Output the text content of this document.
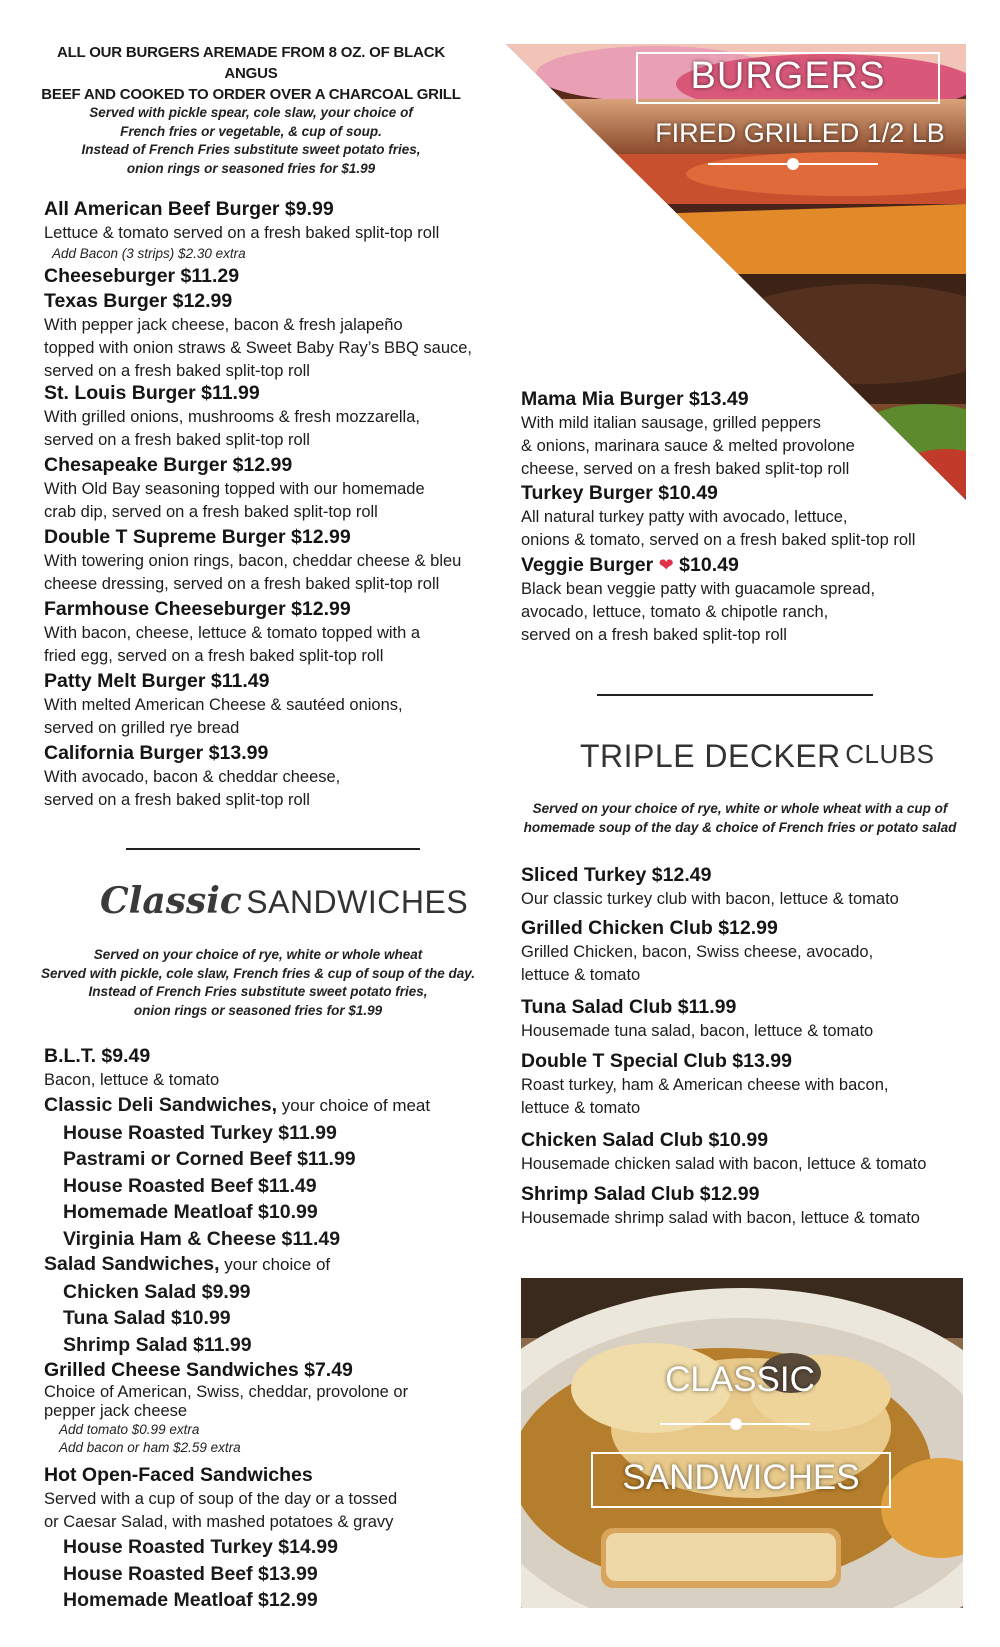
ALL OUR BURGERS AREMADE FROM 8 OZ. OF BLACK ANGUS
BEEF AND COOKED TO ORDER OVER A CHARCOAL GRILL
Served with pickle spear, cole slaw, your choice of
French fries or vegetable, & cup of soup.
Instead of French Fries substitute sweet potato fries,
onion rings or seasoned fries for $1.99
All American Beef Burger $9.99
Lettuce & tomato served on a fresh baked split-top roll
Add Bacon (3 strips) $2.30 extra
Cheeseburger $11.29
Texas Burger $12.99
With pepper jack cheese, bacon & fresh jalapeño
topped with onion straws & Sweet Baby Ray’s BBQ sauce,
served on a fresh baked split-top roll
St. Louis Burger $11.99
With grilled onions, mushrooms & fresh mozzarella,
served on a fresh baked split-top roll
Chesapeake Burger $12.99
With Old Bay seasoning topped with our homemade
crab dip, served on a fresh baked split-top roll
Double T Supreme Burger $12.99
With towering onion rings, bacon, cheddar cheese & bleu
cheese dressing, served on a fresh baked split-top roll
Farmhouse Cheeseburger $12.99
With bacon, cheese, lettuce & tomato topped with a
fried egg, served on a fresh baked split-top roll
Patty Melt Burger $11.49
With melted American Cheese & sautéed onions,
served on grilled rye bread
California Burger $13.99
With avocado, bacon & cheddar cheese,
served on a fresh baked split-top roll
Classic SANDWICHES
Served on your choice of rye, white or whole wheat
Served with pickle, cole slaw, French fries & cup of soup of the day.
Instead of French Fries substitute sweet potato fries,
onion rings or seasoned fries for $1.99
B.L.T. $9.49
Bacon, lettuce & tomato
Classic Deli Sandwiches, your choice of meat
House Roasted Turkey $11.99
Pastrami or Corned Beef $11.99
House Roasted Beef $11.49
Homemade Meatloaf $10.99
Virginia Ham & Cheese $11.49
Salad Sandwiches, your choice of
Chicken Salad $9.99
Tuna Salad $10.99
Shrimp Salad $11.99
Grilled Cheese Sandwiches $7.49
Choice of American, Swiss, cheddar, provolone or
pepper jack cheese
Add tomato $0.99 extra
Add bacon or ham $2.59 extra
Hot Open-Faced Sandwiches
Served with a cup of soup of the day or a tossed
or Caesar Salad, with mashed potatoes & gravy
House Roasted Turkey $14.99
House Roasted Beef $13.99
Homemade Meatloaf $12.99
BURGERS
FIRED GRILLED 1/2 LB
Mama Mia Burger $13.49
With mild italian sausage, grilled peppers
& onions, marinara sauce & melted provolone
cheese, served on a fresh baked split-top roll
Turkey Burger $10.49
All natural turkey patty with avocado, lettuce,
onions & tomato, served on a fresh baked split-top roll
Veggie Burger ❤ $10.49
Black bean veggie patty with guacamole spread,
avocado, lettuce, tomato & chipotle ranch,
served on a fresh baked split-top roll
TRIPLE DECKER CLUBS
Served on your choice of rye, white or whole wheat with a cup of
homemade soup of the day & choice of French fries or potato salad
Sliced Turkey $12.49
Our classic turkey club with bacon, lettuce & tomato
Grilled Chicken Club $12.99
Grilled Chicken, bacon, Swiss cheese, avocado,
lettuce & tomato
Tuna Salad Club $11.99
Housemade tuna salad, bacon, lettuce & tomato
Double T Special Club $13.99
Roast turkey, ham & American cheese with bacon,
lettuce & tomato
Chicken Salad Club $10.99
Housemade chicken salad with bacon, lettuce & tomato
Shrimp Salad Club $12.99
Housemade shrimp salad with bacon, lettuce & tomato
CLASSIC
SANDWICHES
